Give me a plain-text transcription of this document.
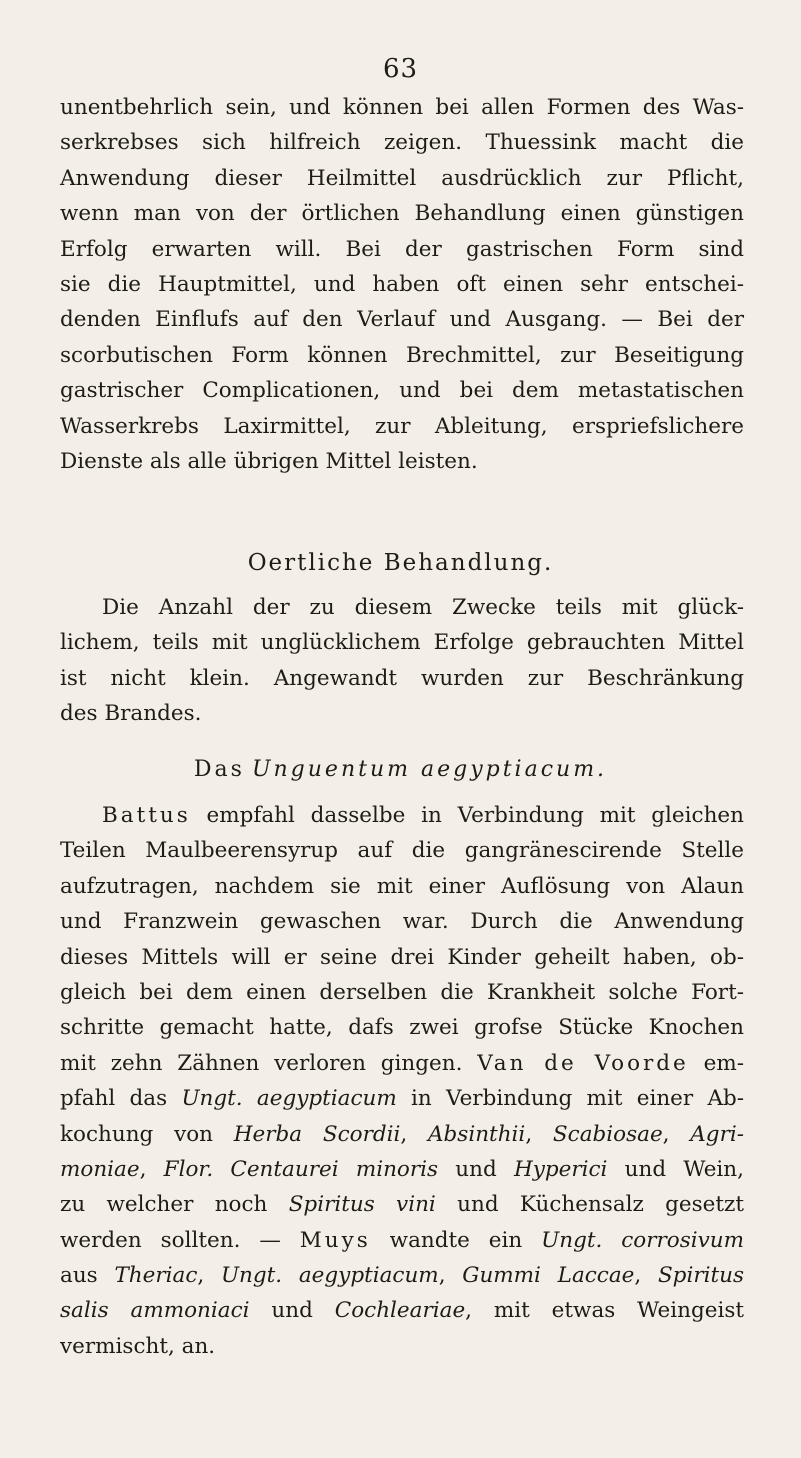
63
unentbehrlich sein, und können bei allen Formen des Was-
serkrebses sich hilfreich zeigen. Thuessink macht die
Anwendung dieser Heilmittel ausdrücklich zur Pflicht,
wenn man von der örtlichen Behandlung einen günstigen
Erfolg erwarten will. Bei der gastrischen Form sind
sie die Hauptmittel, und haben oft einen sehr entschei-
denden Einflufs auf den Verlauf und Ausgang. — Bei der
scorbutischen Form können Brechmittel, zur Beseitigung
gastrischer Complicationen, und bei dem metastatischen
Wasserkrebs Laxirmittel, zur Ableitung, erspriefslichere
Dienste als alle übrigen Mittel leisten.
Oertliche Behandlung.
Die Anzahl der zu diesem Zwecke teils mit glück-
lichem, teils mit unglücklichem Erfolge gebrauchten Mittel
ist nicht klein. Angewandt wurden zur Beschränkung
des Brandes.
Das Unguentum aegyptiacum.
Battus empfahl dasselbe in Verbindung mit gleichen
Teilen Maulbeerensyrup auf die gangränescirende Stelle
aufzutragen, nachdem sie mit einer Auflösung von Alaun
und Franzwein gewaschen war. Durch die Anwendung
dieses Mittels will er seine drei Kinder geheilt haben, ob-
gleich bei dem einen derselben die Krankheit solche Fort-
schritte gemacht hatte, dafs zwei grofse Stücke Knochen
mit zehn Zähnen verloren gingen. Van de Voorde em-
pfahl das Ungt. aegyptiacum in Verbindung mit einer Ab-
kochung von Herba Scordii, Absinthii, Scabiosae, Agri-
moniae, Flor. Centaurei minoris und Hyperici und Wein,
zu welcher noch Spiritus vini und Küchensalz gesetzt
werden sollten. — Muys wandte ein Ungt. corrosivum
aus Theriac, Ungt. aegyptiacum, Gummi Laccae, Spiritus
salis ammoniaci und Cochleariae, mit etwas Weingeist
vermischt, an.
